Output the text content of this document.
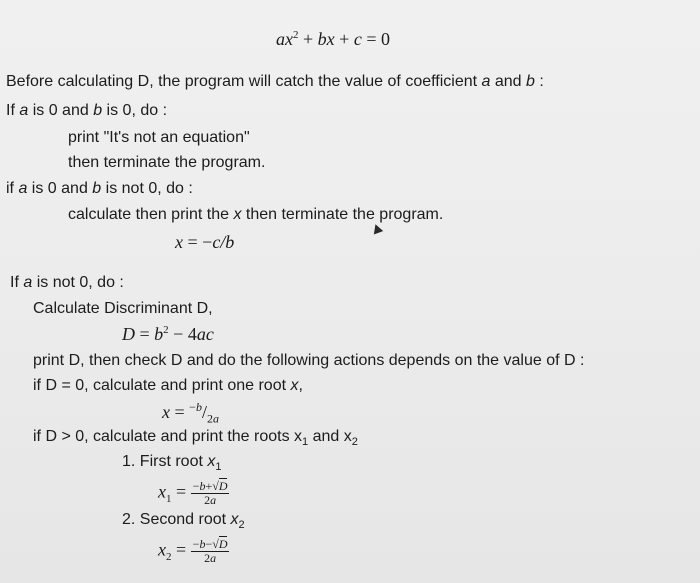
$ax^2$ + bx + c = 0
Before calculating D, the program will catch the value of coefficient a and b :
If a is 0 and b is 0, do :
print "It's not an equation"
then terminate the program.
if a is 0 and b is not 0, do :
calculate then print the x then terminate the program.
x = −c/b
If a is not 0, do :
Calculate Discriminant D,
$D = b^2 - 4ac$
print D, then check D and do the following actions depends on the value of D :
if D = 0, calculate and print one root x,
$x = ^{-b}/_{2a}$
if D > 0, calculate and print the roots $x_1$ and $x_2$
1. First root $x_1$
$x_1 = \frac{-b+√D}{2a}$
2. Second root $x_2$
$x_2 = \frac{-b-√D}{2a}$
